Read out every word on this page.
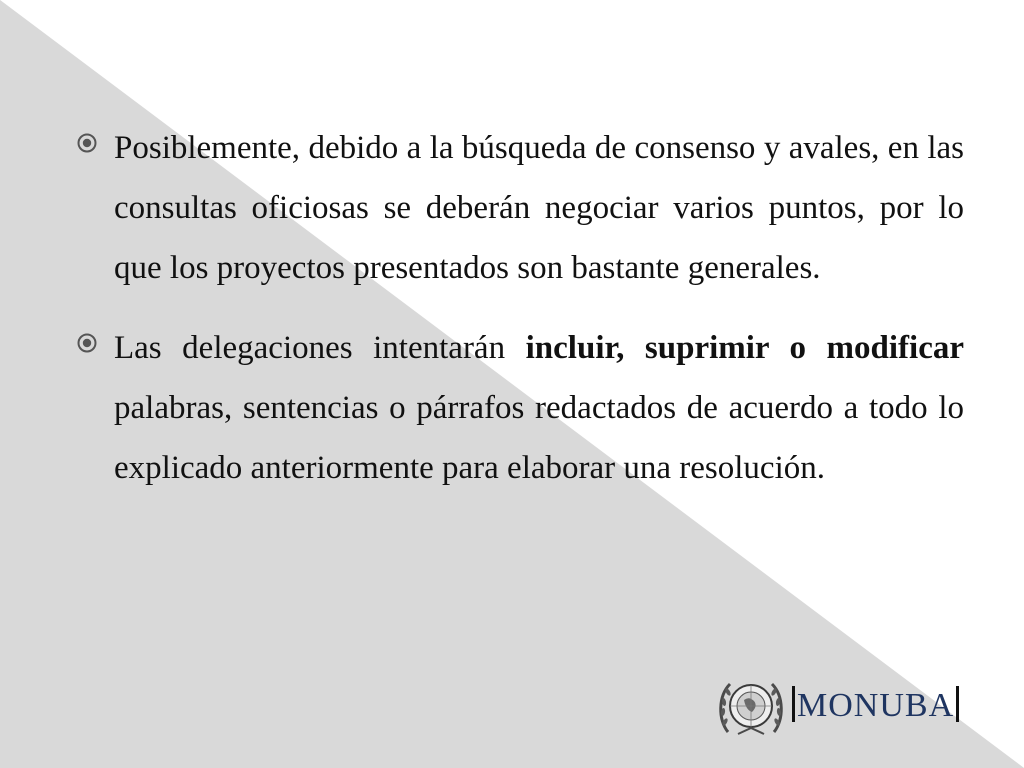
Posiblemente, debido a la búsqueda de consenso y avales, en las consultas oficiosas se deberán negociar varios puntos, por lo que los proyectos presentados son bastante generales.
Las delegaciones intentarán incluir, suprimir o modificar palabras, sentencias o párrafos redactados de acuerdo a todo lo explicado anteriormente para elaborar una resolución.
MONUBA
